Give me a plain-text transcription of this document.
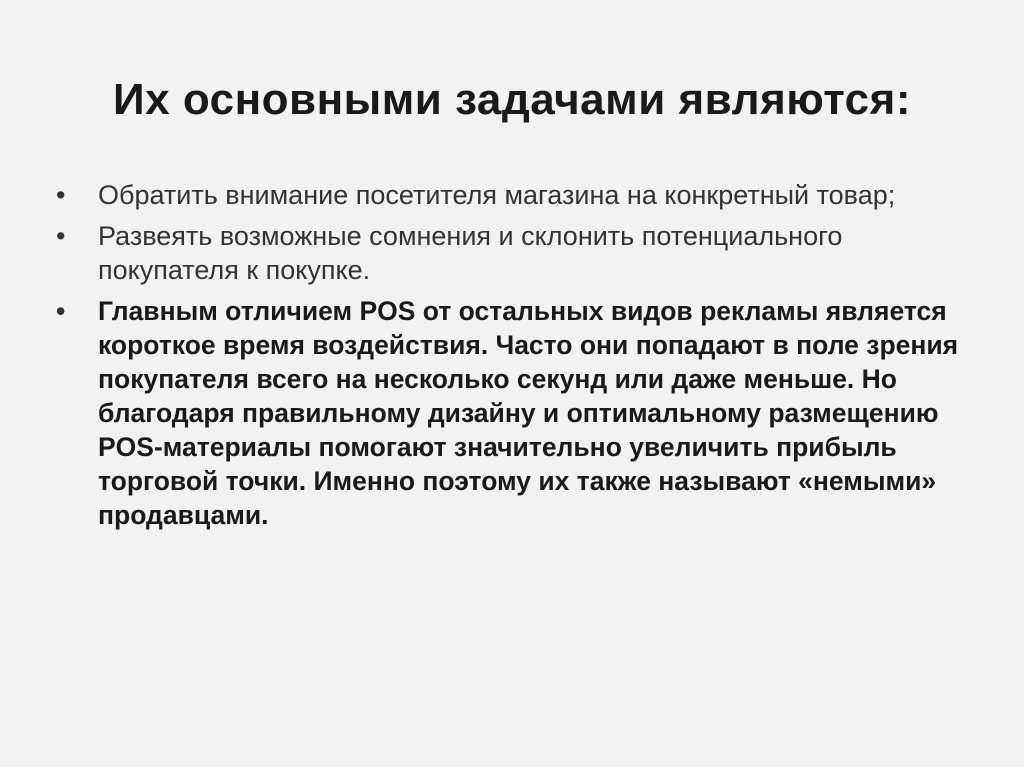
Их основными задачами являются:
•	Обратить внимание посетителя магазина на конкретный товар;
•	Развеять возможные сомнения и склонить потенциального покупателя к покупке.
•	Главным отличием POS от остальных видов рекламы является короткое время воздействия. Часто они попадают в поле зрения покупателя всего на несколько секунд или даже меньше. Но благодаря правильному дизайну и оптимальному размещению POS-материалы помогают значительно увеличить прибыль торговой точки. Именно поэтому их также называют «немыми» продавцами.
